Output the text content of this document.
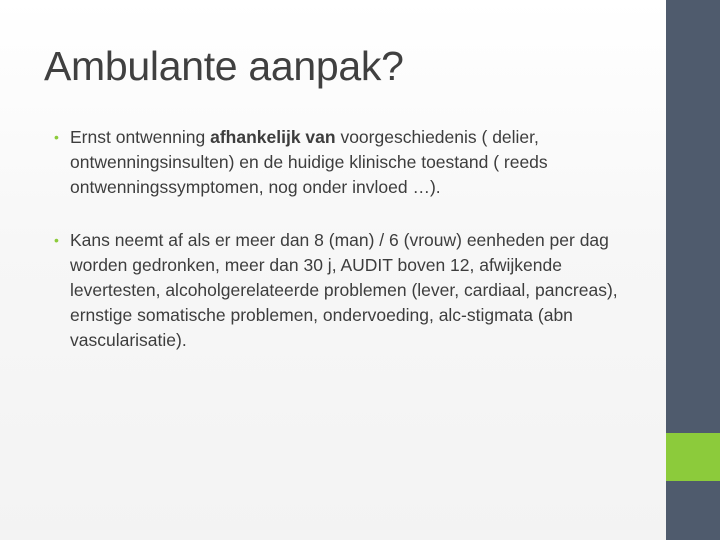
Ambulante aanpak?
• Ernst ontwenning afhankelijk van voorgeschiedenis ( delier, ontwenningsinsulten) en de huidige klinische toestand ( reeds ontwenningssymptomen, nog onder invloed …).
• Kans neemt af als er meer dan 8 (man) / 6 (vrouw) eenheden per dag worden gedronken, meer dan 30 j, AUDIT boven 12, afwijkende levertesten, alcoholgerelateerde problemen (lever, cardiaal, pancreas), ernstige somatische problemen, ondervoeding, alc-stigmata (abn vascularisatie).
